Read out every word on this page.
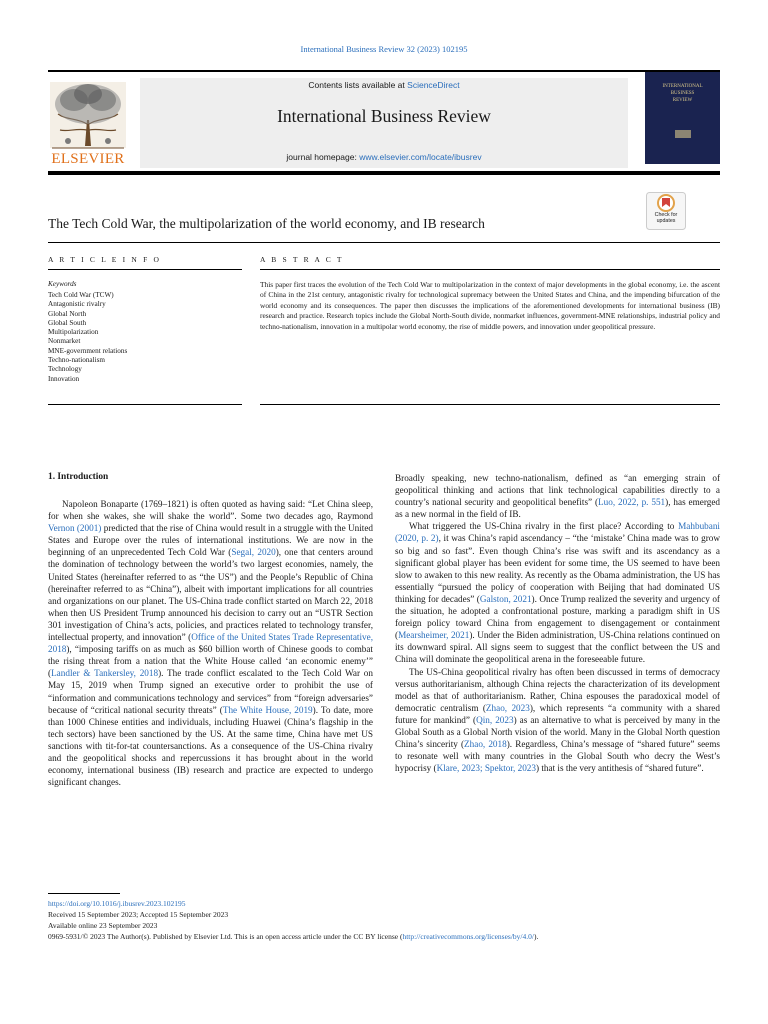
International Business Review 32 (2023) 102195
ELSEVIER
Contents lists available at ScienceDirect
International Business Review
journal homepage: www.elsevier.com/locate/ibusrev
INTERNATIONAL
BUSINESS
REVIEW
The Tech Cold War, the multipolarization of the world economy, and IB research
Check for updates
A R T I C L E I N F O	A B S T R A C T
Keywords
Tech Cold War (TCW)
Antagonistic rivalry
Global North
Global South
Multipolarization
Nonmarket
MNE-government relations
Techno-nationalism
Technology
Innovation

This paper first traces the evolution of the Tech Cold War to multipolarization in the context of major developments in the global economy, i.e. the ascent of China in the 21st century, antagonistic rivalry for technological supremacy between the United States and China, and the impending bifurcation of the world economy and its consequences. The paper then discusses the implications of the aforementioned developments for international business (IB) research and practice. Research topics include the Global North-South divide, nonmarket influences, government-MNE relationships, industrial policy and techno-nationalism, innovation in a multipolar world economy, the rise of middle powers, and innovation under geopolitical pressure.

1. Introduction

Napoleon Bonaparte (1769–1821) is often quoted as having said: “Let China sleep, for when she wakes, she will shake the world”. Some two decades ago, Raymond Vernon (2001) predicted that the rise of China would result in a struggle with the United States and Europe over the rules of international institutions. We are now in the beginning of an unprecedented Tech Cold War (Segal, 2020), one that centers around the domination of technology between the world’s two largest economies, namely, the United States (hereinafter referred to as “the US”) and the People’s Republic of China (hereinafter referred to as “China”), albeit with important implications for all countries and organizations on our planet. The US-China trade conflict started on March 22, 2018 when then US President Trump announced his decision to carry out an “USTR Section 301 investigation of China’s acts, policies, and practices related to technology transfer, intellectual property, and innovation” (Office of the United States Trade Representative, 2018), “imposing tariffs on as much as $60 billion worth of Chinese goods to combat the rising threat from a nation that the White House called ‘an economic enemy’” (Landler & Tankersley, 2018). The trade conflict escalated to the Tech Cold War on May 15, 2019 when Trump signed an executive order to prohibit the use of “information and communications technology and services” from “foreign adversaries” because of “critical national security threats” (The White House, 2019). To date, more than 1000 Chinese entities and individuals, including Huawei (China’s flagship in the tech sectors) have been sanctioned by the US. At the same time, China have met US sanctions with tit-for-tat countersanctions. As a consequence of the US-China rivalry and the geopolitical shocks and repercussions it has brought about in the world economy, international business (IB) research and practice are expected to undergo significant changes.

Broadly speaking, new techno-nationalism, defined as “an emerging strain of geopolitical thinking and actions that link technological capabilities directly to a country’s national security and geopolitical benefits” (Luo, 2022, p. 551), has emerged as a new normal in the field of IB.

What triggered the US-China rivalry in the first place? According to Mahbubani (2020, p. 2), it was China’s rapid ascendancy – “the ‘mistake’ China made was to grow so big and so fast”. Even though China’s rise was swift and its ascendancy as a significant global player has been evident for some time, the US seemed to have been slow to awaken to this new reality. As recently as the Obama administration, the US has essentially “pursued the policy of cooperation with Beijing that had dominated US thinking for decades” (Galston, 2021). Once Trump realized the severity and urgency of the situation, he adopted a confrontational posture, marking a paradigm shift in US foreign policy toward China from engagement to disengagement or containment (Mearsheimer, 2021). Under the Biden administration, US-China relations continued on its downward spiral. All signs seem to suggest that the conflict between the US and China will dominate the geopolitical arena in the foreseeable future.

The US-China geopolitical rivalry has often been discussed in terms of democracy versus authoritarianism, although China rejects the characterization of its development model as that of authoritarianism. Rather, China espouses the paradoxical model of democratic centralism (Zhao, 2023), which represents “a community with a shared future for mankind” (Qin, 2023) as an alternative to what is perceived by many in the Global South as a Global North vision of the world. Many in the Global North question China’s sincerity (Zhao, 2018). Regardless, China’s message of “shared future” seems to resonate well with many countries in the Global South who decry the West’s hypocrisy (Klare, 2023; Spektor, 2023) that is the very antithesis of “shared future”.

https://doi.org/10.1016/j.ibusrev.2023.102195
Received 15 September 2023; Accepted 15 September 2023
Available online 23 September 2023
0969-5931/© 2023 The Author(s). Published by Elsevier Ltd. This is an open access article under the CC BY license (http://creativecommons.org/licenses/by/4.0/).
